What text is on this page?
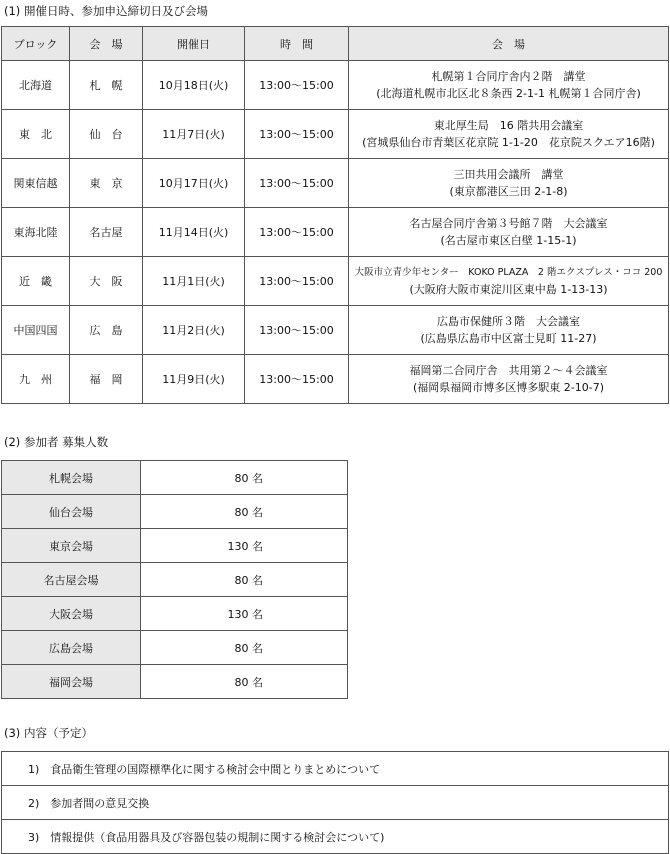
(1) 開催日時、参加申込締切日及び会場
ブロック	会　場	開催日	時　間	会　場
北海道	札　幌	10月18日(火)	13:00～15:00	札幌第１合同庁舎内２階　講堂
(北海道札幌市北区北８条西 2-1-1 札幌第１合同庁舎)

東　北	仙　台	11月7日(火)	13:00～15:00	東北厚生局　16 階共用会議室
(宮城県仙台市青葉区花京院 1-1-20　花京院スクエア16階)

関東信越	東　京	10月17日(火)	13:00～15:00	三田共用会議所　講堂
(東京都港区三田 2-1-8)

東海北陸	名古屋	11月14日(火)	13:00～15:00	名古屋合同庁舎第３号館７階　大会議室
(名古屋市東区白壁 1-15-1)

近　畿	大　阪	11月1日(火)	13:00～15:00	大阪市立青少年センター　KOKO PLAZA　2 階エクスプレス・ココ 200
(大阪府大阪市東淀川区東中島 1-13-13)

中国四国	広　島	11月2日(火)	13:00～15:00	広島市保健所３階　大会議室
(広島県広島市中区富士見町 11-27)

九　州	福　岡	11月9日(火)	13:00～15:00	福岡第二合同庁舎　共用第２～４会議室
(福岡県福岡市博多区博多駅東 2-10-7)
(2) 参加者 募集人数
札幌会場	80 名
仙台会場	80 名
東京会場	130 名
名古屋会場	80 名
大阪会場	130 名
広島会場	80 名
福岡会場	80 名
(3) 内容（予定）
1)　食品衛生管理の国際標準化に関する検討会中間とりまとめについて
2)　参加者間の意見交換
3)　情報提供（食品用器具及び容器包装の規制に関する検討会について)
